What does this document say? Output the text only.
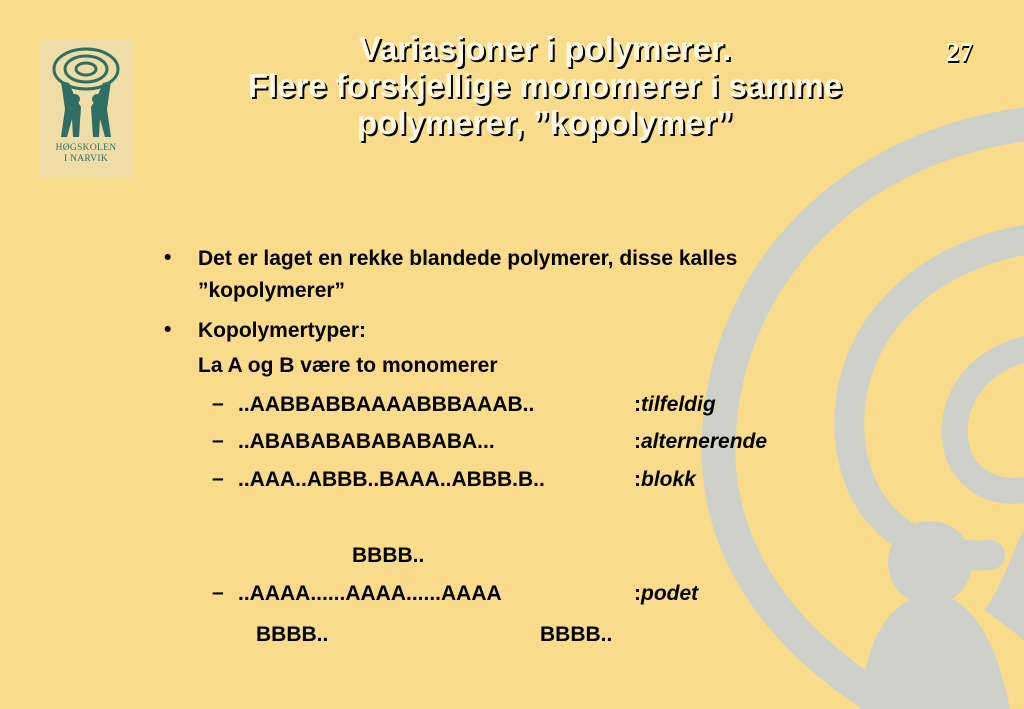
HØGSKOLEN
I NARVIK
Variasjoner i polymerer.
Flere forskjellige monomerer i samme
polymerer, ”kopolymer”
27
• Det er laget en rekke blandede polymerer, disse kalles
”kopolymerer”
• Kopolymertyper:
La A og B være to monomerer
– ..AABBABBAAAABBBAAAB..	:tilfeldig
– ..ABABABABABABABA...	:alternerende
– ..AAA..ABBB..BAAA..ABBB.B..	:blokk
BBBB..
– ..AAAA......AAAA......AAAA	:podet
BBBB..	BBBB..
